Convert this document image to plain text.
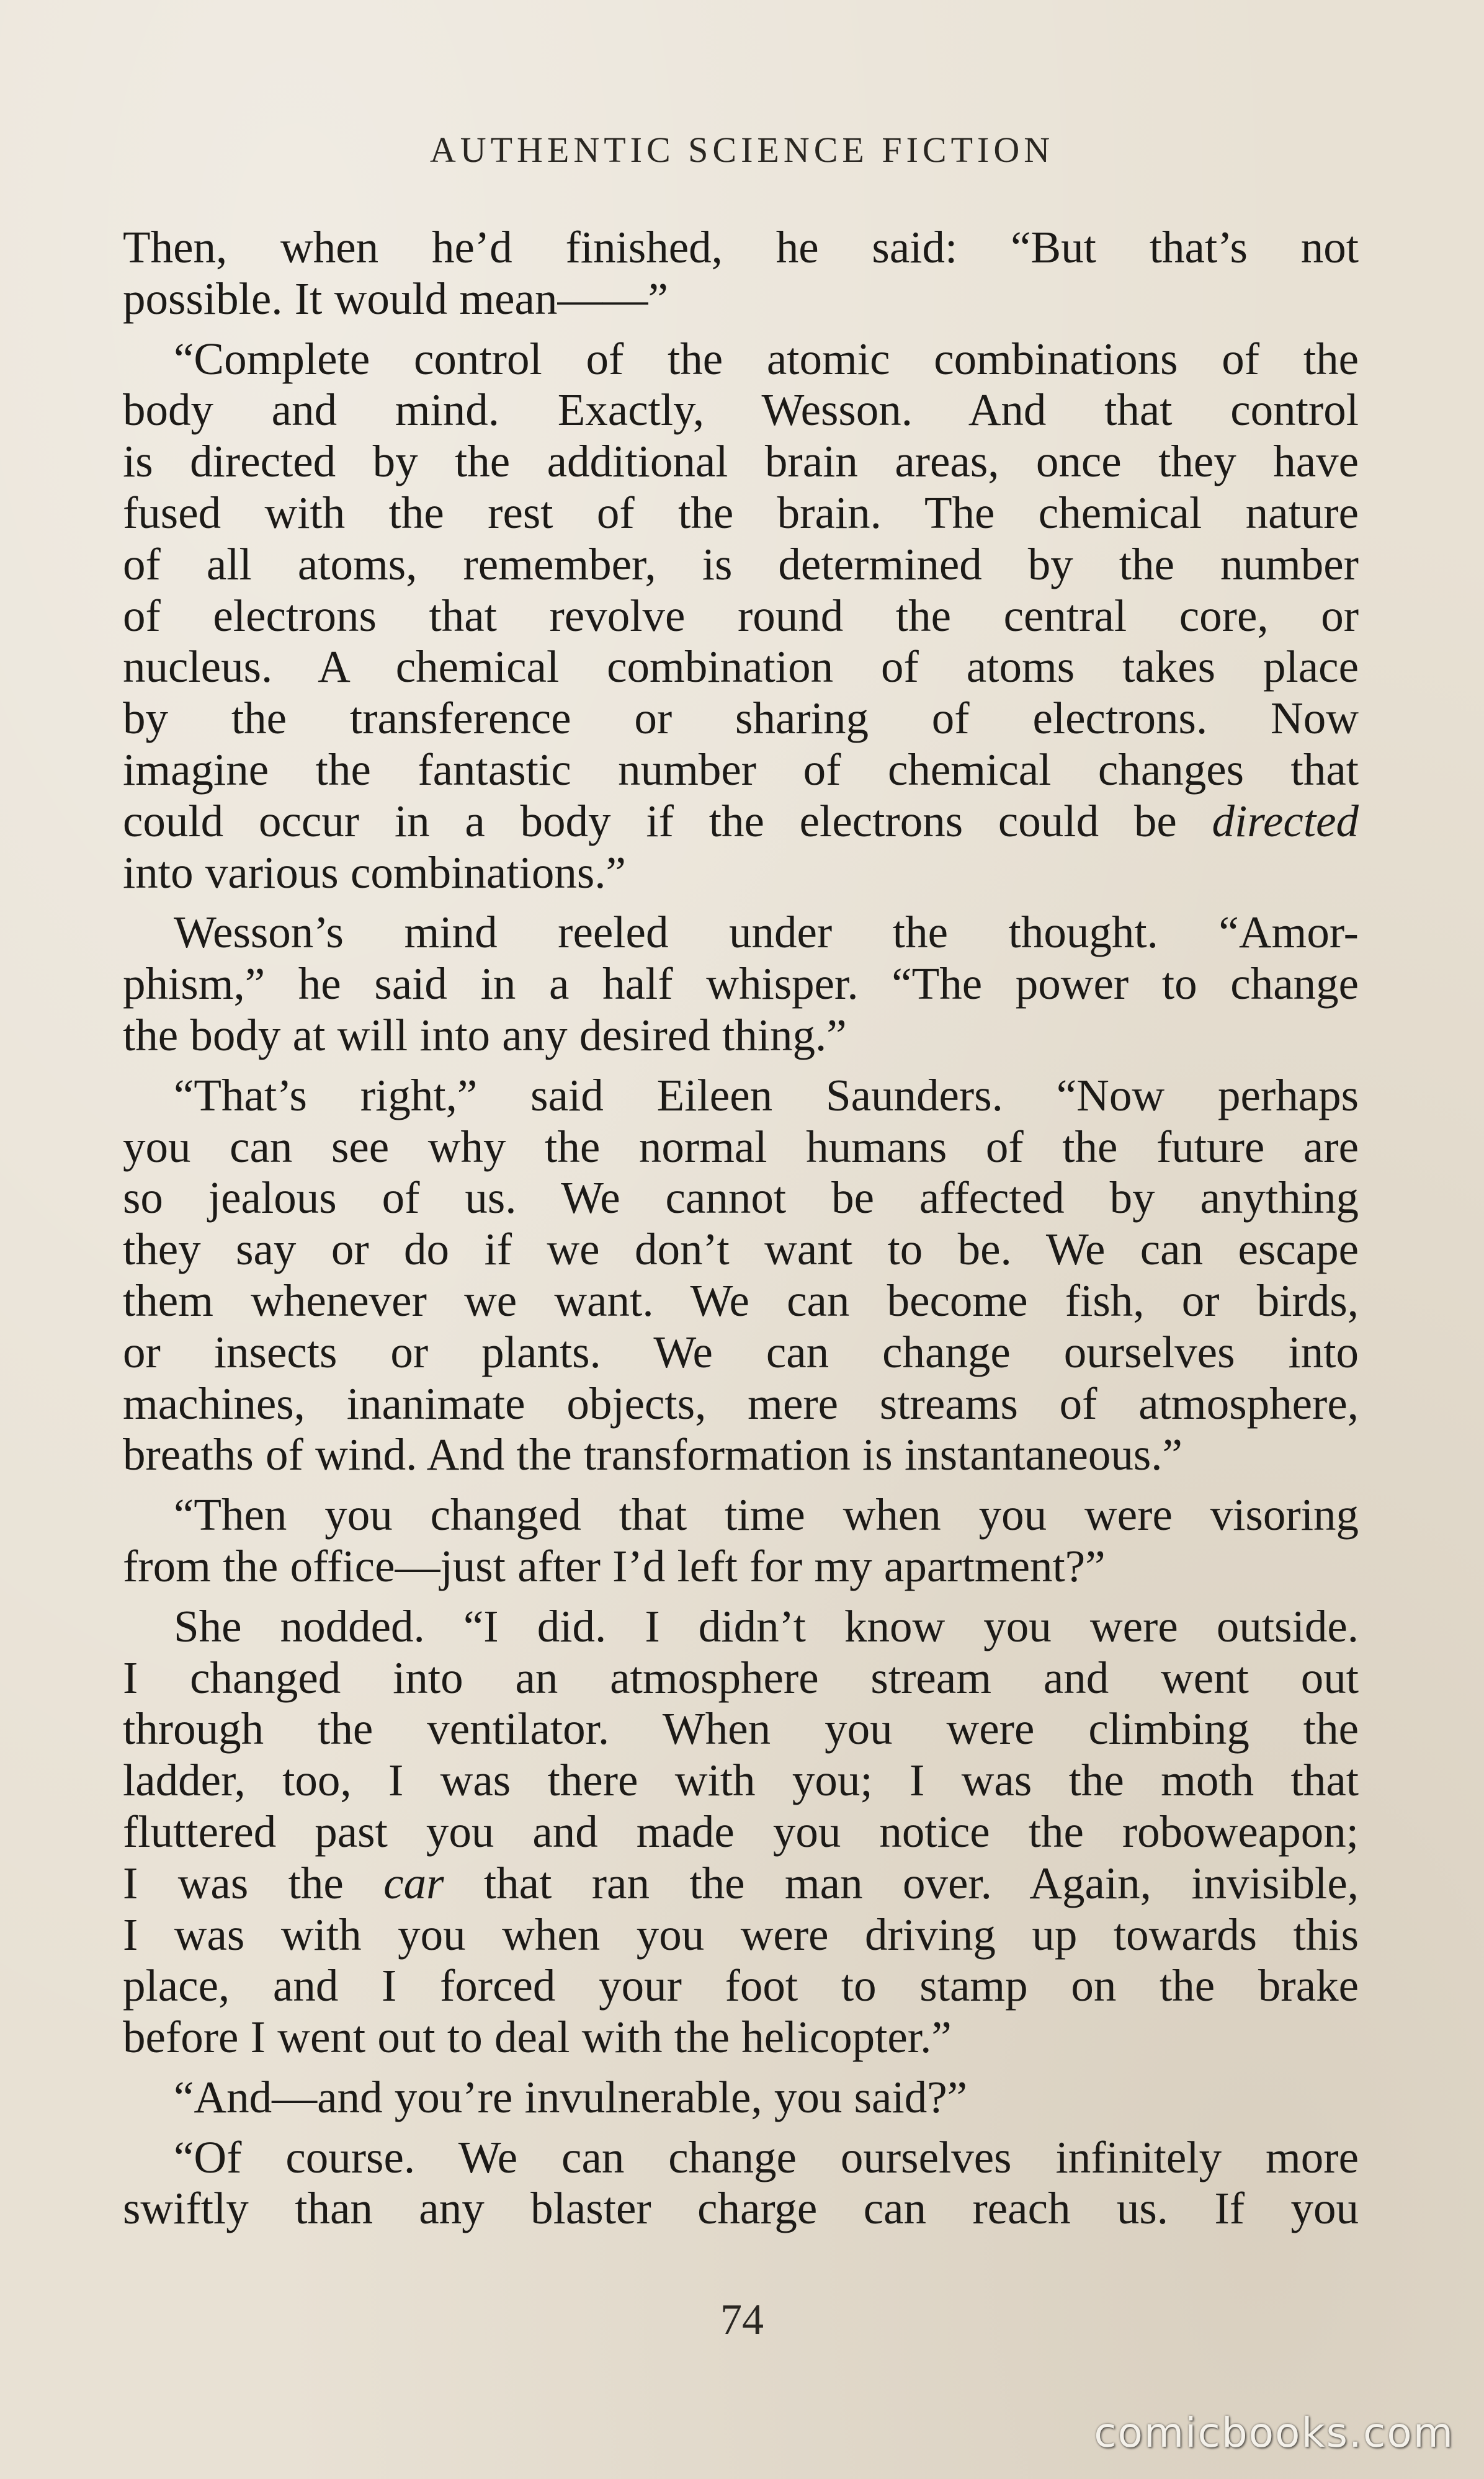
AUTHENTIC SCIENCE FICTION
Then, when he’d finished, he said: “But that’s not
possible. It would mean——”
“Complete control of the atomic combinations of the
body and mind. Exactly, Wesson. And that control
is directed by the additional brain areas, once they have
fused with the rest of the brain. The chemical nature
of all atoms, remember, is determined by the number
of electrons that revolve round the central core, or
nucleus. A chemical combination of atoms takes place
by the transference or sharing of electrons. Now
imagine the fantastic number of chemical changes that
could occur in a body if the electrons could be directed
into various combinations.”
Wesson’s mind reeled under the thought. “Amor-
phism,” he said in a half whisper. “The power to change
the body at will into any desired thing.”
“That’s right,” said Eileen Saunders. “Now perhaps
you can see why the normal humans of the future are
so jealous of us. We cannot be affected by anything
they say or do if we don’t want to be. We can escape
them whenever we want. We can become fish, or birds,
or insects or plants. We can change ourselves into
machines, inanimate objects, mere streams of atmosphere,
breaths of wind. And the transformation is instantaneous.”
“Then you changed that time when you were visoring
from the office—just after I’d left for my apartment?”
She nodded. “I did. I didn’t know you were outside.
I changed into an atmosphere stream and went out
through the ventilator. When you were climbing the
ladder, too, I was there with you; I was the moth that
fluttered past you and made you notice the roboweapon;
I was the car that ran the man over. Again, invisible,
I was with you when you were driving up towards this
place, and I forced your foot to stamp on the brake
before I went out to deal with the helicopter.”
“And—and you’re invulnerable, you said?”
“Of course. We can change ourselves infinitely more
swiftly than any blaster charge can reach us. If you
74
comicbooks.com
